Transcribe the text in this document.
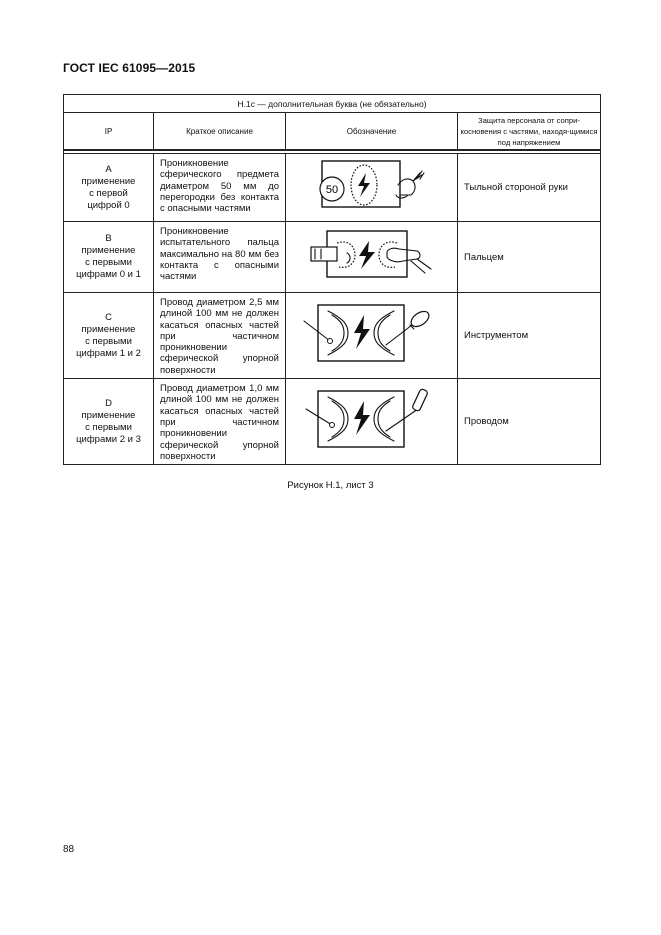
ГОСТ IEC 61095—2015
H.1c — дополнительная буква (не обязательно)			
IP	Краткое описание	Обозначение	Защита персонала от сопри-косновения с частями, находя-щимися под напряжением

A
применение
с первой
цифрой 0	Проникновение сферического предмета диаметром 50 мм до перегородки без контакта с опасными частями	50	Тыльной стороной руки

B
применение
с первыми
цифрами 0 и 1	Проникновение испытательного пальца максимально на 80 мм без контакта с опасными частями		Пальцем

C
применение
с первыми
цифрами 1 и 2	Провод диаметром 2,5 мм длиной 100 мм не должен касаться опасных частей при частичном проникновении сферической упорной поверхности		Инструментом

D
применение
с первыми
цифрами 2 и 3	Провод диаметром 1,0 мм длиной 100 мм не должен касаться опасных частей при частичном проникновении сферической упорной поверхности		Проводом
Рисунок Н.1, лист 3
88
